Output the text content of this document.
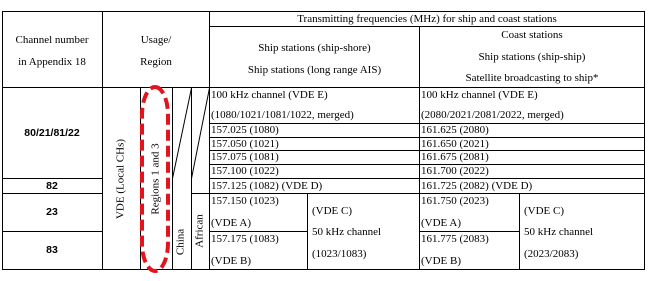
Channel number
in Appendix 18
Usage/
Region
Transmitting frequencies (MHz) for ship and coast stations
Ship stations (ship-shore)
Ship stations (long range AIS)
Coast stations
Ship stations (ship-ship)
Satellite broadcasting to ship*
80/21/81/22
82
23
83
VDE (Local CHs) Regions 1 and 3
China African
100 kHz channel (VDE E)
(1080/1021/1081/1022, merged)
157.025 (1080)
157.050 (1021)
157.075 (1081)
157.100 (1022)
157.125 (1082) (VDE D)
157.150 (1023)
(VDE A)
157.175 (1083)
(VDE B)
(VDE C)
50 kHz channel
(1023/1083)
100 kHz channel (VDE E)
(2080/2021/2081/2022, merged)
161.625 (2080)
161.650 (2021)
161.675 (2081)
161.700 (2022)
161.725 (2082) (VDE D)
161.750 (2023)
(VDE A)
161.775 (2083)
(VDE B)
(VDE C)
50 kHz channel
(2023/2083)
